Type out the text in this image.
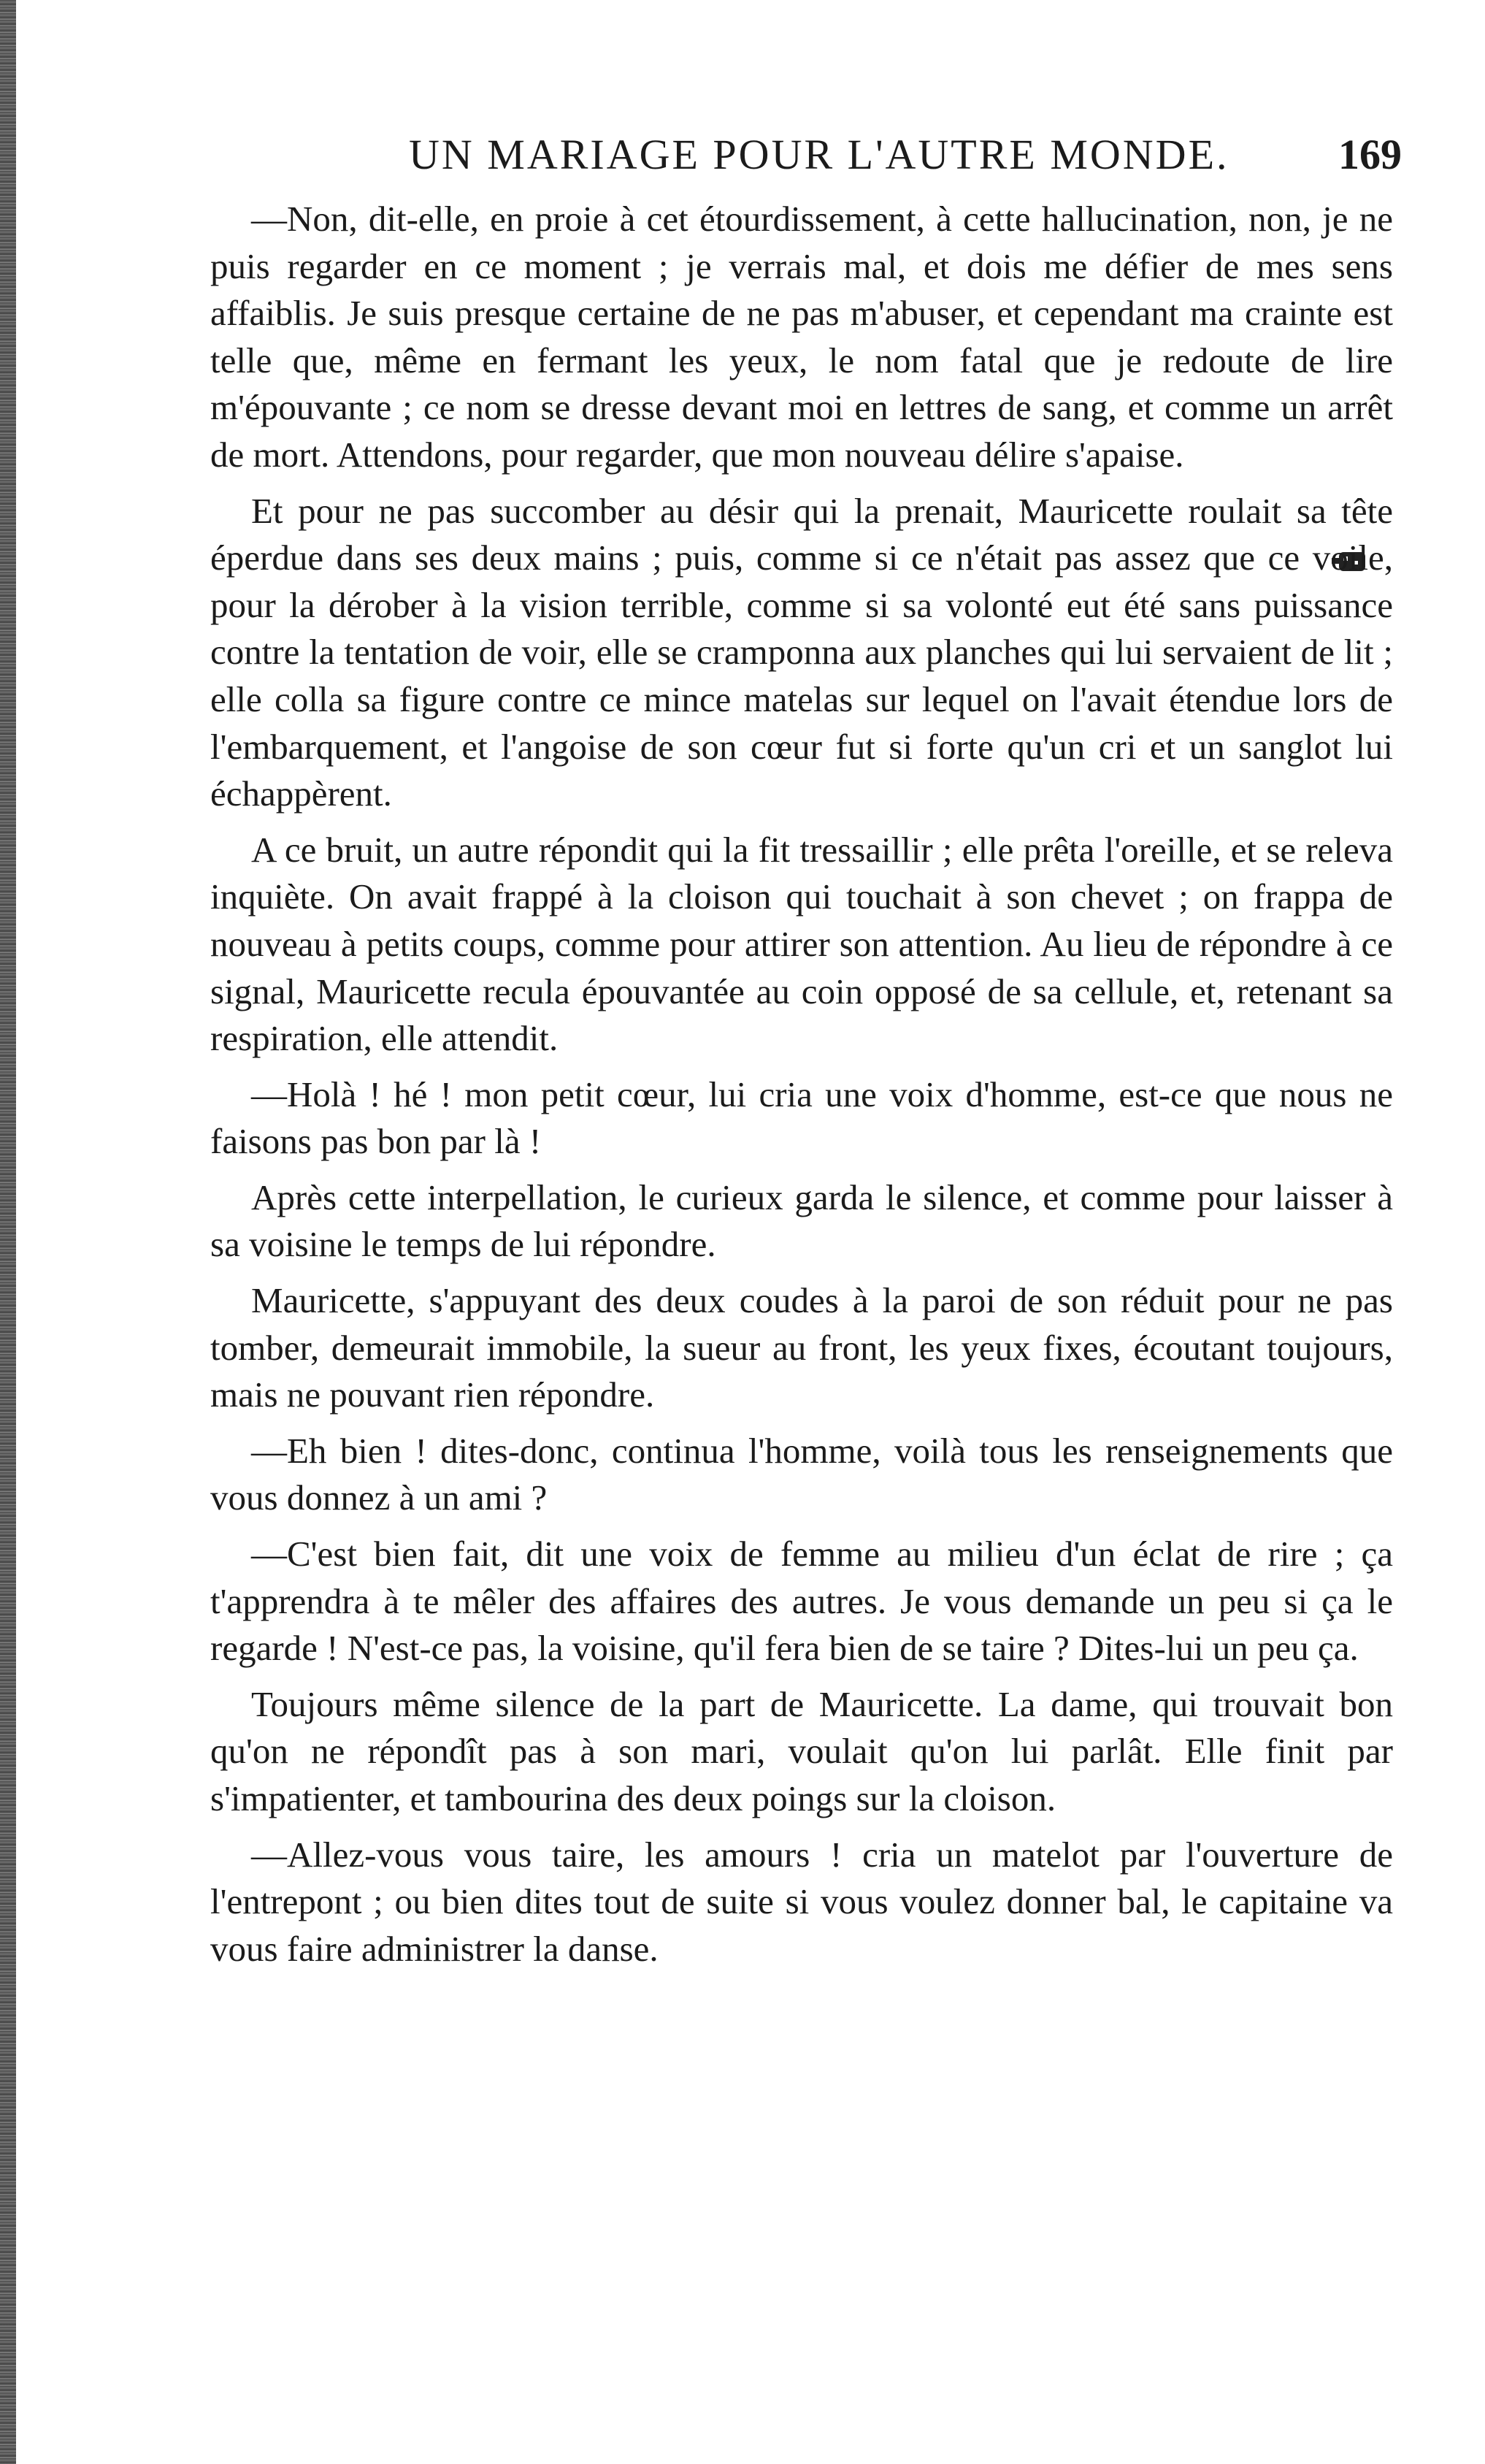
UN MARIAGE POUR L'AUTRE MONDE.	169

—Non, dit-elle, en proie à cet étourdissement, à cette hallucination, non, je ne puis regarder en ce moment ; je verrais mal, et dois me défier de mes sens affaiblis. Je suis presque certaine de ne pas m'abuser, et cependant ma crainte est telle que, même en fermant les yeux, le nom fatal que je redoute de lire m'épouvante ; ce nom se dresse devant moi en lettres de sang, et comme un arrêt de mort. Attendons, pour regarder, que mon nouveau délire s'apaise.

Et pour ne pas succomber au désir qui la prenait, Mauricette roulait sa tête éperdue dans ses deux mains ; puis, comme si ce n'était pas assez que ce voile, pour la dérober à la vision terrible, comme si sa volonté eut été sans puissance contre la tentation de voir, elle se cramponna aux planches qui lui servaient de lit ; elle colla sa figure contre ce mince matelas sur lequel on l'avait étendue lors de l'embarquement, et l'angoise de son cœur fut si forte qu'un cri et un sanglot lui échappèrent.

A ce bruit, un autre répondit qui la fit tressaillir ; elle prêta l'oreille, et se releva inquiète. On avait frappé à la cloison qui touchait à son chevet ; on frappa de nouveau à petits coups, comme pour attirer son attention. Au lieu de répondre à ce signal, Mauricette recula épouvantée au coin opposé de sa cellule, et, retenant sa respiration, elle attendit.

—Holà ! hé ! mon petit cœur, lui cria une voix d'homme, est-ce que nous ne faisons pas bon par là !

Après cette interpellation, le curieux garda le silence, et comme pour laisser à sa voisine le temps de lui répondre.

Mauricette, s'appuyant des deux coudes à la paroi de son réduit pour ne pas tomber, demeurait immobile, la sueur au front, les yeux fixes, écoutant toujours, mais ne pouvant rien répondre.

—Eh bien ! dites-donc, continua l'homme, voilà tous les renseignements que vous donnez à un ami ?

—C'est bien fait, dit une voix de femme au milieu d'un éclat de rire ; ça t'apprendra à te mêler des affaires des autres. Je vous demande un peu si ça le regarde ! N'est-ce pas, la voisine, qu'il fera bien de se taire ? Dites-lui un peu ça.

Toujours même silence de la part de Mauricette. La dame, qui trouvait bon qu'on ne répondît pas à son mari, voulait qu'on lui parlât. Elle finit par s'impatienter, et tambourina des deux poings sur la cloison.

—Allez-vous vous taire, les amours ! cria un matelot par l'ouverture de l'entrepont ; ou bien dites tout de suite si vous voulez donner bal, le capitaine va vous faire administrer la danse.
